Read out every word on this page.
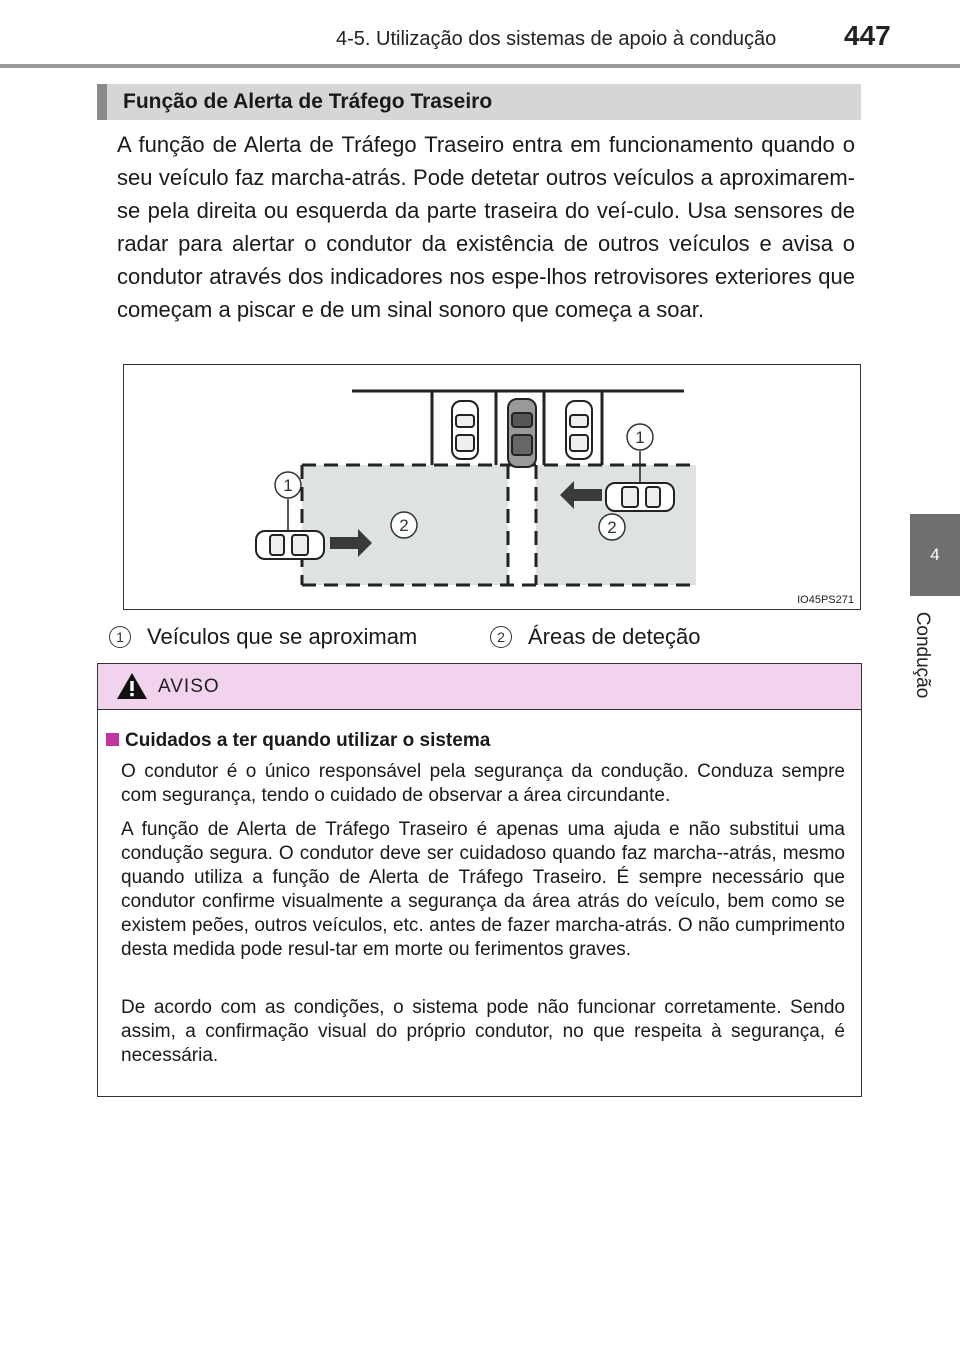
4-5. Utilização dos sistemas de apoio à condução 447
4
Condução
Função de Alerta de Tráfego Traseiro
A função de Alerta de Tráfego Traseiro entra em funcionamento quando o seu veículo faz marcha-atrás. Pode detetar outros veículos a aproximarem-se pela direita ou esquerda da parte traseira do veí-culo. Usa sensores de radar para alertar o condutor da existência de outros veículos e avisa o condutor através dos indicadores nos espe-lhos retrovisores exteriores que começam a piscar e de um sinal sonoro que começa a soar.
1
1
2	2
IO45PS271
1	Veículos que se aproximam	2	Áreas de deteção
AVISO
Cuidados a ter quando utilizar o sistema
O condutor é o único responsável pela segurança da condução. Conduza sempre com segurança, tendo o cuidado de observar a área circundante.
A função de Alerta de Tráfego Traseiro é apenas uma ajuda e não substitui uma condução segura. O condutor deve ser cuidadoso quando faz marcha--atrás, mesmo quando utiliza a função de Alerta de Tráfego Traseiro. É sempre necessário que condutor confirme visualmente a segurança da área atrás do veículo, bem como se existem peões, outros veículos, etc. antes de fazer marcha-atrás. O não cumprimento desta medida pode resul-tar em morte ou ferimentos graves.
De acordo com as condições, o sistema pode não funcionar corretamente. Sendo assim, a confirmação visual do próprio condutor, no que respeita à segurança, é necessária.
